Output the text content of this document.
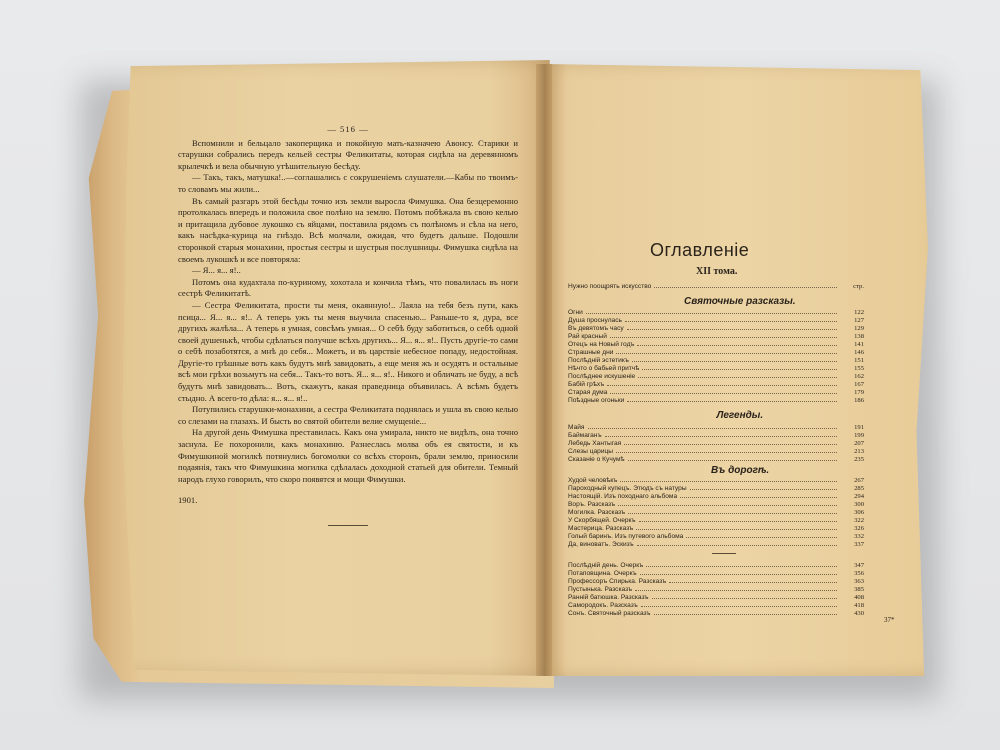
— 516 —

Вспомнили и бельцало закоперщика и покойную мать-казначею Авонсу. Старики и старушки собрались передъ кельей сестры Феликитаты, которая сидѣла на деревянномъ крылечкѣ и вела обычную утѣшительную бесѣду.

— Такъ, такъ, матушка!..—соглашались с сокрушеніемъ слушатели.—Кабы по твоимъ-то словамъ мы жили...

Въ самый разгаръ этой бесѣды точно изъ земли выросла Фимушка. Она безцеремонно протолкалась впередъ и положила свое полѣно на землю. Потомъ побѣжала въ свою келью и притащила дубовое лукошко съ яйцами, поставила рядомъ съ полѣномъ и сѣла на него, какъ насѣдка-курица на гнѣздо. Всѣ молчали, ожидая, что будетъ дальше. Подошли сторонкой старыя монахини, простыя сестры и шустрыя послушницы. Фимушка сидѣла на своемъ лукошкѣ и все повторяла:

— Я... я... я!..

Потомъ она кудахтала по-куриному, хохотала и кончила тѣмъ, что повалилась въ ноги сестрѣ Феликитатѣ.

— Сестра Феликитата, прости ты меня, окаянную!.. Лаяла на тебя безъ пути, какъ псица... Я... я... я!.. А теперь ужъ ты меня выучила спасенью... Раньше-то я, дура, все другихъ жалѣла... А теперь я умная, совсѣмъ умная... О себѣ буду заботиться, о себѣ одной своей душенькѣ, чтобы сдѣлаться получше всѣхъ другихъ... Я... я... я!.. Пусть другіе-то сами о себѣ позаботятся, а мнѣ до себя... Можетъ, и въ царствіе небесное попаду, недостойная. Другіе-то грѣшные вотъ какъ будутъ мнѣ завидовать, а еще меня жъ и осудятъ и остальные всѣ мои грѣхи возьмутъ на себя... Такъ-то вотъ. Я... я... я!.. Никого и обличать не буду, а всѣ будутъ мнѣ завидовать... Вотъ, скажутъ, какая праведница объявилась. А всѣмъ будетъ стыдно. А всего-то дѣла: я... я... я!..

Потупились старушки-монахини, а сестра Феликитата поднялась и ушла въ свою келью со слезами на глазахъ. И бысть во святой обители велие смущеніе...

На другой день Фимушка преставилась. Какъ она умирала, никто не видѣлъ, она точно заснула. Ее похоронили, какъ монахиню. Разнеслась молва объ ея святости, и къ Фимушкиной могилкѣ потянулись богомолки со всѣхъ сторонъ, брали землю, приносили подаянія, такъ что Фимушкина могилка сдѣлалась доходной статьей для обители. Темный народъ глухо говорилъ, что скоро появятся и мощи Фимушки.

1901.

Оглавленіе
XII тома.
Нужно поощрять искусство	стр.
Святочные разсказы.
Огни	122
Душа проснулась	127
Въ девятомъ часу	129
Рай красный	138
Отецъ на Новый годъ	141
Страшные дни	146
Послѣдній эстетикъ	151
Нѣчто о бабьей притчѣ	155
Послѣднее искушеніе	162
Бабій грѣхъ	167
Старая дума	179
Поѣздные огоньки	186
Легенды.
Майя	191
Баймаганъ	199
Лебедь Хантыгая	207
Слезы царицы	213
Сказаніе о Кучумѣ	235
Въ дорогѣ.
Худой человѣкъ	267
Пароходный купецъ. Этюдъ съ натуры	285
Настоящій. Изъ походнаго альбома	294
Воръ. Разсказъ	300
Могилка. Разсказъ	306
У Скорбящей. Очеркъ	322
Мастерица. Разсказъ	326
Голый баринъ. Изъ путевого альбома	332
Да, виноватъ. Эскизъ	337
Послѣдній день. Очеркъ	347
Потаповщина. Очеркъ	356
Профессоръ Спирька. Разсказъ	363
Пустынька. Разсказъ	385
Ранній батюшка. Разсказъ	408
Самородокъ. Разсказъ	418
Сонъ. Святочный разсказъ	430
37*
